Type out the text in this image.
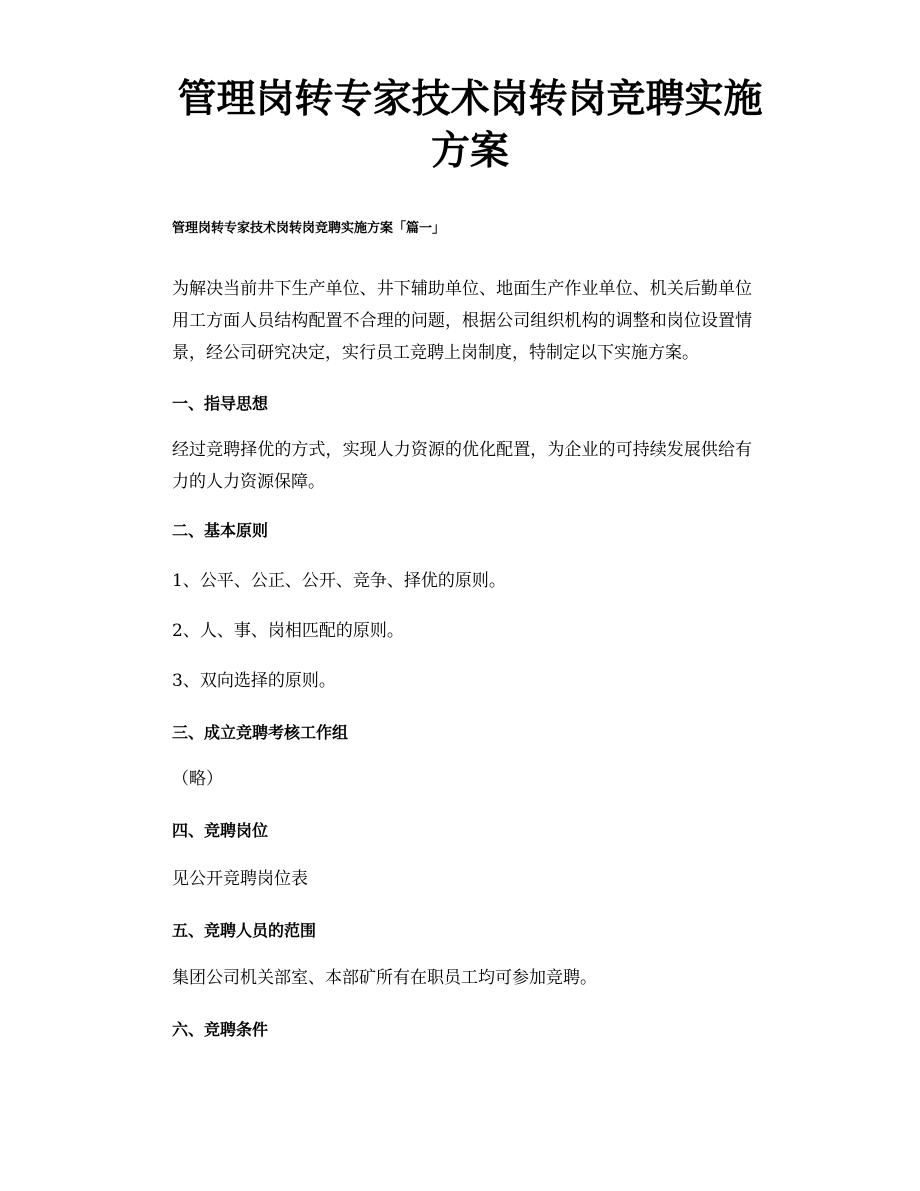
管理岗转专家技术岗转岗竞聘实施方案
管理岗转专家技术岗转岗竞聘实施方案「篇一」
为解决当前井下生产单位、井下辅助单位、地面生产作业单位、机关后勤单位用工方面人员结构配置不合理的问题，根据公司组织机构的调整和岗位设置情景，经公司研究决定，实行员工竞聘上岗制度，特制定以下实施方案。
一、指导思想
经过竞聘择优的方式，实现人力资源的优化配置，为企业的可持续发展供给有力的人力资源保障。
二、基本原则
1、公平、公正、公开、竞争、择优的原则。
2、人、事、岗相匹配的原则。
3、双向选择的原则。
三、成立竞聘考核工作组
（略）
四、竞聘岗位
见公开竞聘岗位表
五、竞聘人员的范围
集团公司机关部室、本部矿所有在职员工均可参加竞聘。
六、竞聘条件
